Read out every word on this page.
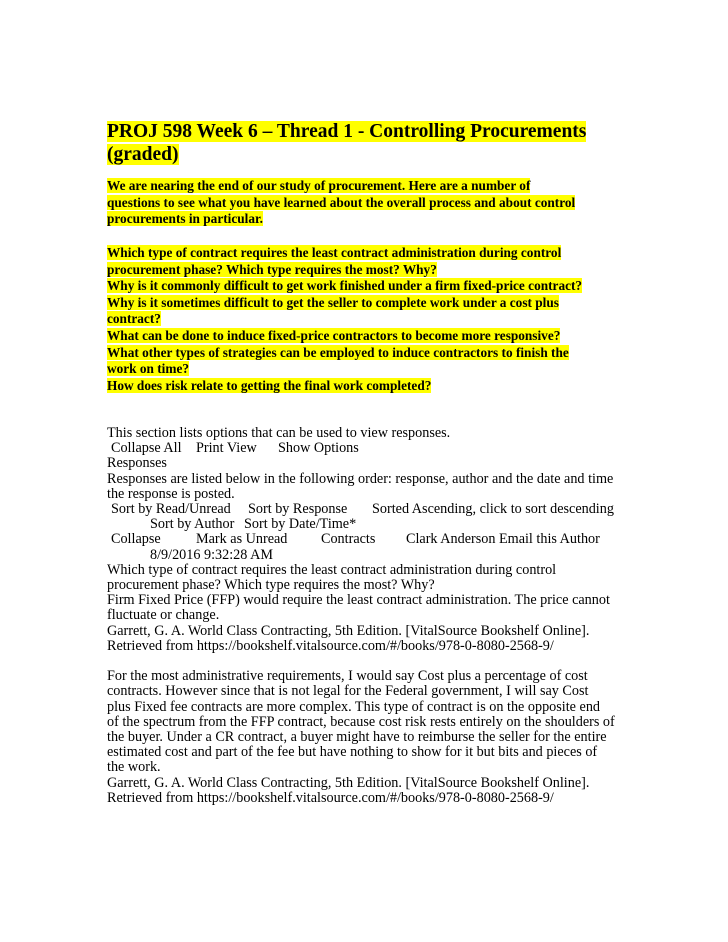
PROJ 598 Week 6 – Thread 1 - Controlling Procurements (graded)
We are nearing the end of our study of procurement. Here are a number of
questions to see what you have learned about the overall process and about control
procurements in particular.
Which type of contract requires the least contract administration during control
procurement phase? Which type requires the most? Why?
Why is it commonly difficult to get work finished under a firm fixed-price contract?
Why is it sometimes difficult to get the seller to complete work under a cost plus
contract?
What can be done to induce fixed-price contractors to become more responsive?
What other types of strategies can be employed to induce contractors to finish the
work on time?
How does risk relate to getting the final work completed?
This section lists options that can be used to view responses.
Collapse All Print View Show Options
Responses
Responses are listed below in the following order: response, author and the date and time
the response is posted.
Sort by Read/Unread Sort by Response Sorted Ascending, click to sort descending
Sort by Author Sort by Date/Time*
Collapse Mark as Unread Contracts Clark Anderson Email this Author
8/9/2016 9:32:28 AM
Which type of contract requires the least contract administration during control
procurement phase? Which type requires the most? Why?
Firm Fixed Price (FFP) would require the least contract administration. The price cannot
fluctuate or change.
Garrett, G. A. World Class Contracting, 5th Edition. [VitalSource Bookshelf Online].
Retrieved from https://bookshelf.vitalsource.com/#/books/978-0-8080-2568-9/
For the most administrative requirements, I would say Cost plus a percentage of cost
contracts. However since that is not legal for the Federal government, I will say Cost
plus Fixed fee contracts are more complex. This type of contract is on the opposite end
of the spectrum from the FFP contract, because cost risk rests entirely on the shoulders of
the buyer. Under a CR contract, a buyer might have to reimburse the seller for the entire
estimated cost and part of the fee but have nothing to show for it but bits and pieces of
the work.
Garrett, G. A. World Class Contracting, 5th Edition. [VitalSource Bookshelf Online].
Retrieved from https://bookshelf.vitalsource.com/#/books/978-0-8080-2568-9/
